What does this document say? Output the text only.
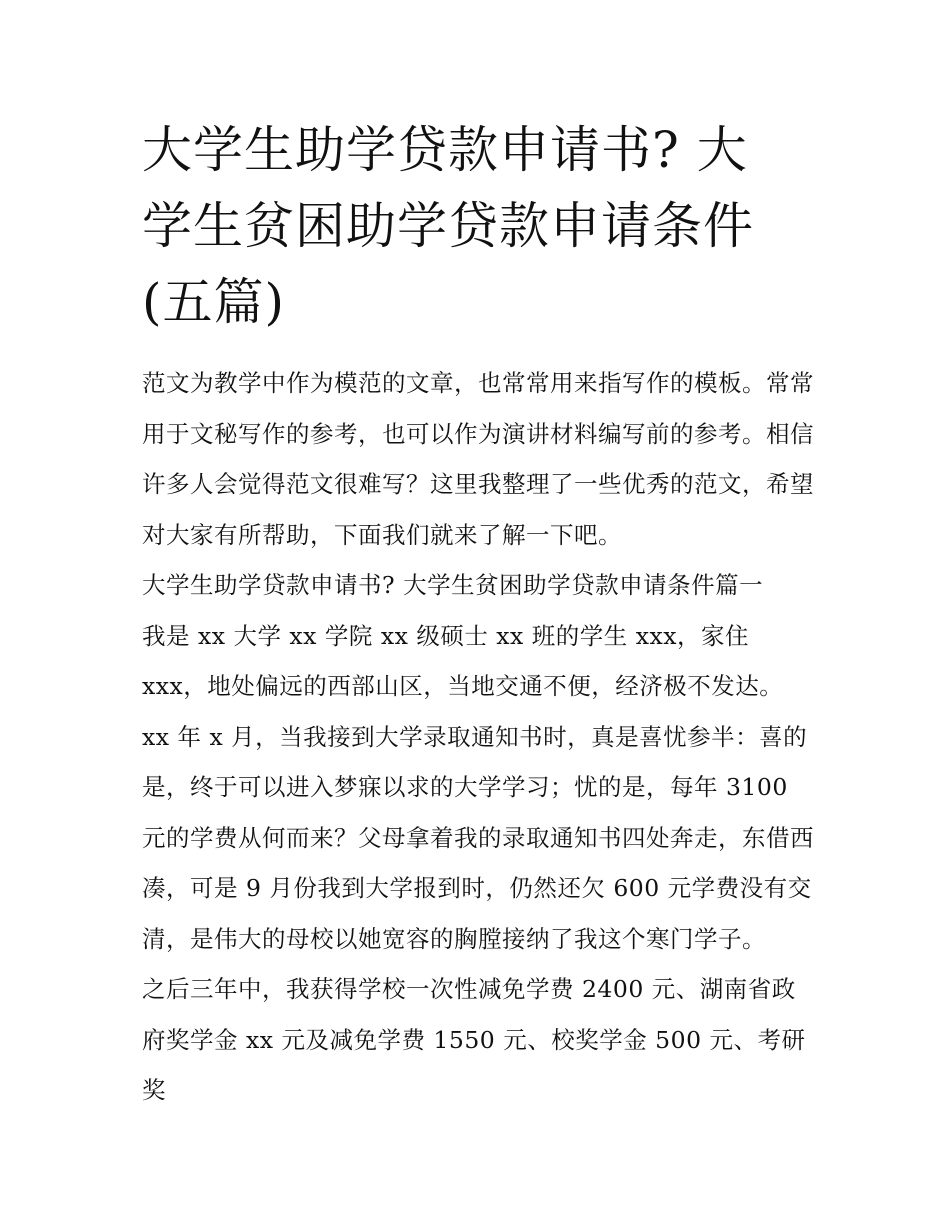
大学生助学贷款申请书? 大学生贫困助学贷款申请条件(五篇)

范文为教学中作为模范的文章，也常常用来指写作的模板。常常用于文秘写作的参考，也可以作为演讲材料编写前的参考。相信许多人会觉得范文很难写？这里我整理了一些优秀的范文，希望对大家有所帮助，下面我们就来了解一下吧。

大学生助学贷款申请书? 大学生贫困助学贷款申请条件篇一

我是 xx 大学 xx 学院 xx 级硕士 xx 班的学生 xxx，家住 xxx，地处偏远的西部山区，当地交通不便，经济极不发达。

xx 年 x 月，当我接到大学录取通知书时，真是喜忧参半：喜的是，终于可以进入梦寐以求的大学学习；忧的是，每年 3100 元的学费从何而来？父母拿着我的录取通知书四处奔走，东借西凑，可是 9 月份我到大学报到时，仍然还欠 600 元学费没有交清，是伟大的母校以她宽容的胸膛接纳了我这个寒门学子。

之后三年中，我获得学校一次性减免学费 2400 元、湖南省政府奖学金 xx 元及减免学费 1550 元、校奖学金 500 元、考研奖
